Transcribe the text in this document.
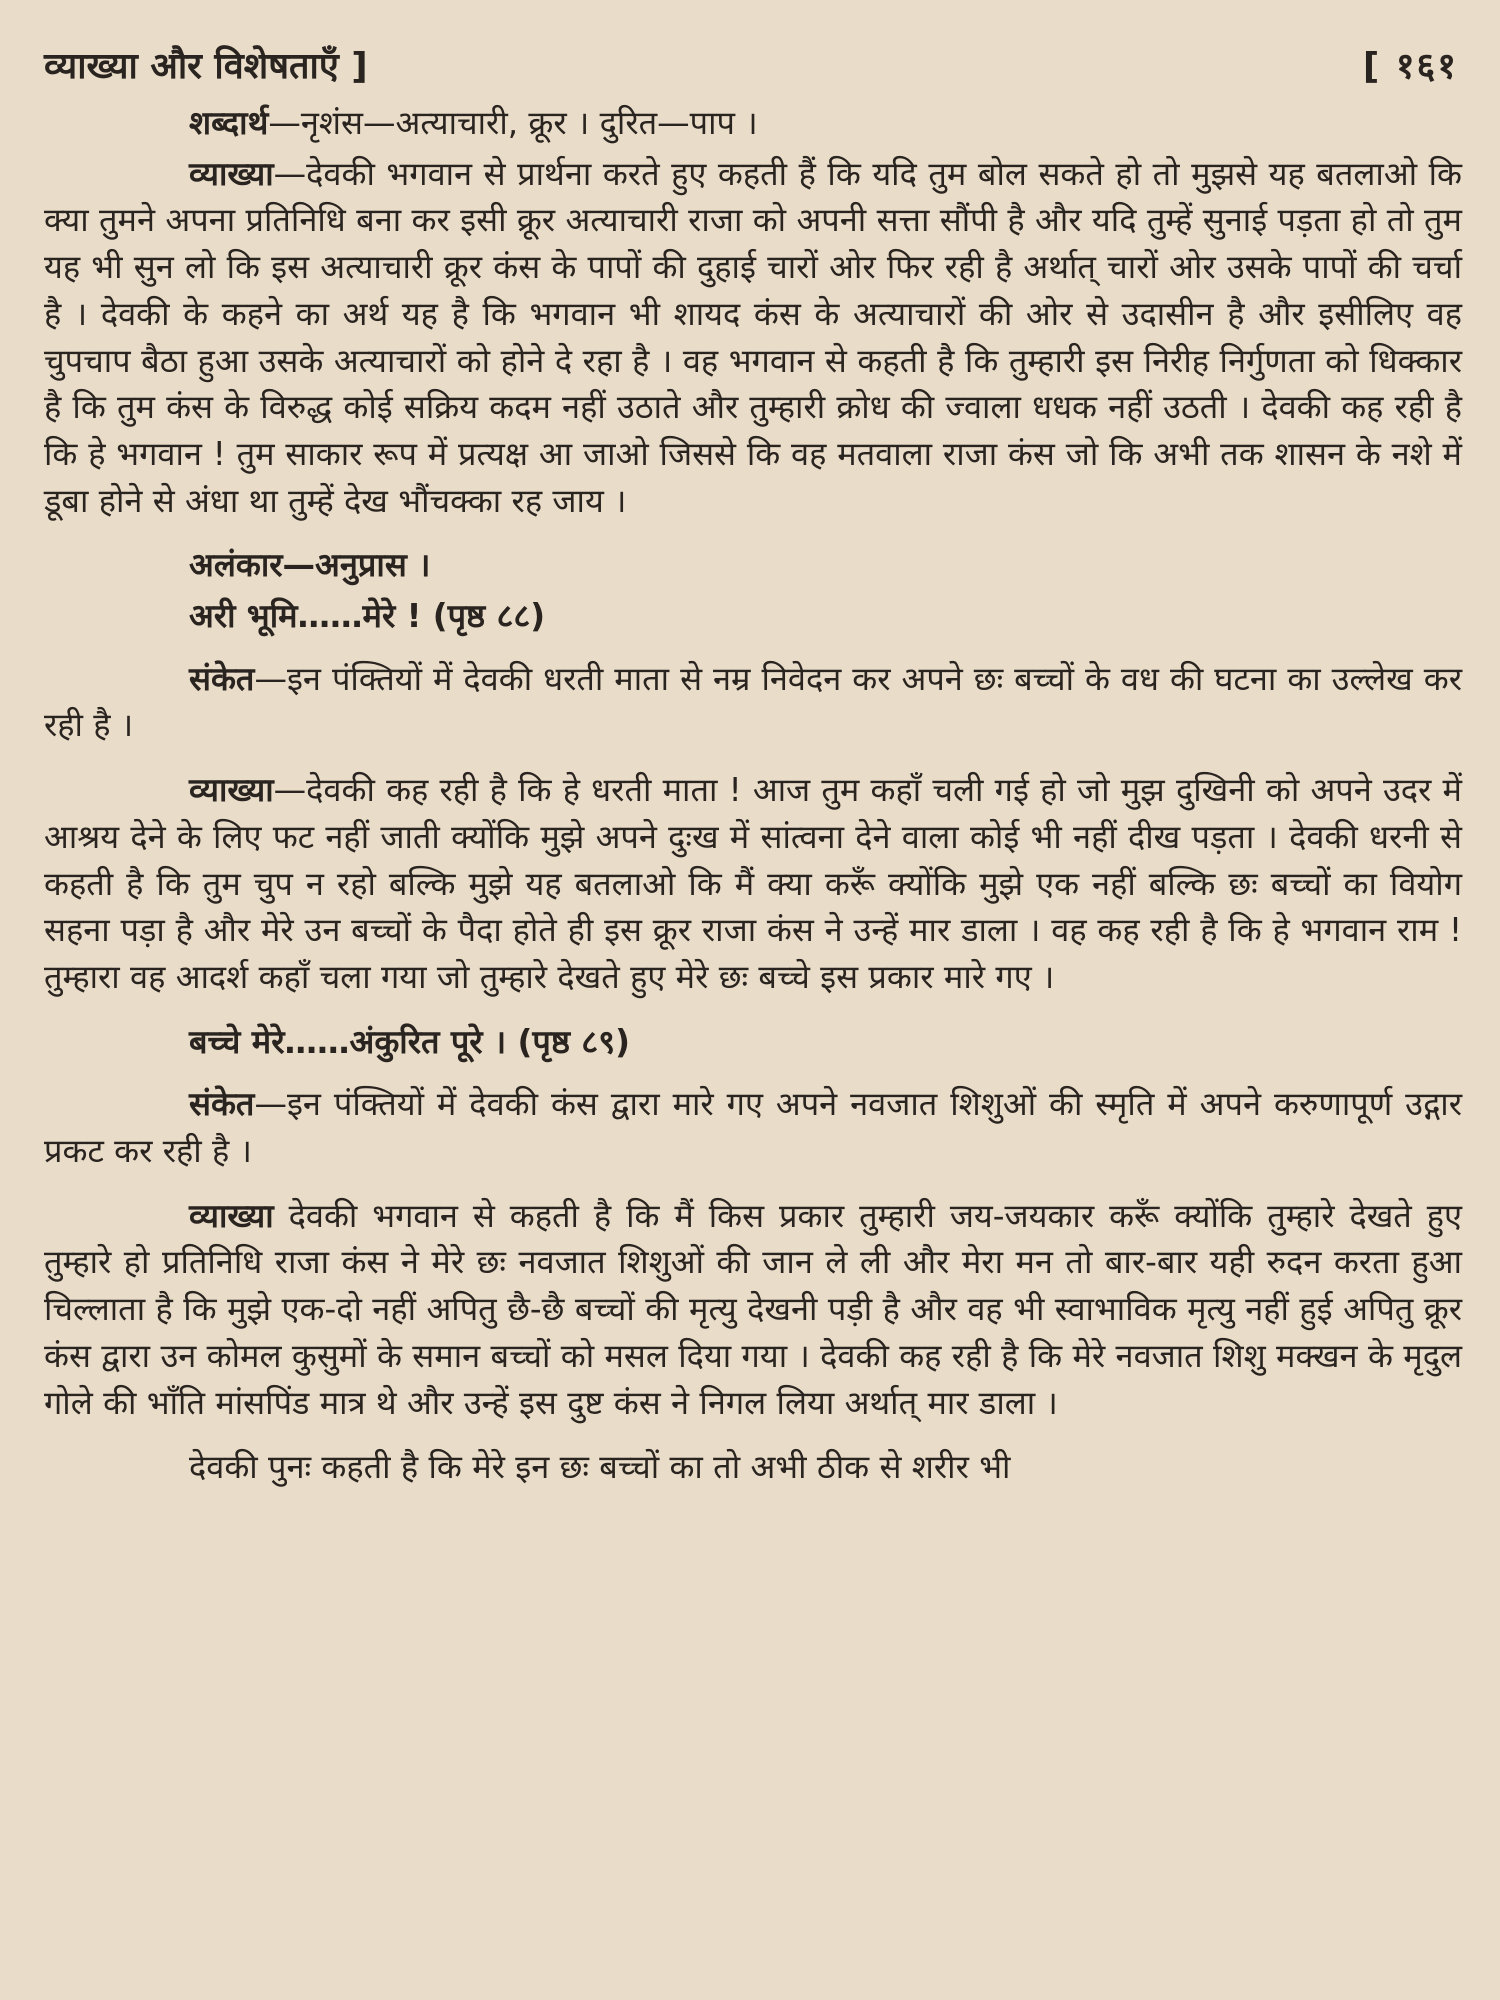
व्याख्या और विशेषताएँ ]	[ १६१

शब्दार्थ—नृशंस—अत्याचारी, क्रूर । दुरित—पाप ।

व्याख्या—देवकी भगवान से प्रार्थना करते हुए कहती हैं कि यदि तुम बोल सकते हो तो मुझसे यह बतलाओ कि क्या तुमने अपना प्रतिनिधि बना कर इसी क्रूर अत्याचारी राजा को अपनी सत्ता सौंपी है और यदि तुम्हें सुनाई पड़ता हो तो तुम यह भी सुन लो कि इस अत्याचारी क्रूर कंस के पापों की दुहाई चारों ओर फिर रही है अर्थात् चारों ओर उसके पापों की चर्चा है । देवकी के कहने का अर्थ यह है कि भगवान भी शायद कंस के अत्याचारों की ओर से उदासीन है और इसीलिए वह चुपचाप बैठा हुआ उसके अत्याचारों को होने दे रहा है । वह भगवान से कहती है कि तुम्हारी इस निरीह निर्गुणता को धिक्कार है कि तुम कंस के विरुद्ध कोई सक्रिय कदम नहीं उठाते और तुम्हारी क्रोध की ज्वाला धधक नहीं उठती । देवकी कह रही है कि हे भगवान ! तुम साकार रूप में प्रत्यक्ष आ जाओ जिससे कि वह मतवाला राजा कंस जो कि अभी तक शासन के नशे में डूबा होने से अंधा था तुम्हें देख भौंचक्का रह जाय ।

अलंकार—अनुप्रास ।

अरी भूमि……मेरे ! (पृष्ठ ८८)

संकेत—इन पंक्तियों में देवकी धरती माता से नम्र निवेदन कर अपने छः बच्चों के वध की घटना का उल्लेख कर रही है ।

व्याख्या—देवकी कह रही है कि हे धरती माता ! आज तुम कहाँ चली गई हो जो मुझ दुखिनी को अपने उदर में आश्रय देने के लिए फट नहीं जाती क्योंकि मुझे अपने दुःख में सांत्वना देने वाला कोई भी नहीं दीख पड़ता । देवकी धरनी से कहती है कि तुम चुप न रहो बल्कि मुझे यह बतलाओ कि मैं क्या करूँ क्योंकि मुझे एक नहीं बल्कि छः बच्चों का वियोग सहना पड़ा है और मेरे उन बच्चों के पैदा होते ही इस क्रूर राजा कंस ने उन्हें मार डाला । वह कह रही है कि हे भगवान राम ! तुम्हारा वह आदर्श कहाँ चला गया जो तुम्हारे देखते हुए मेरे छः बच्चे इस प्रकार मारे गए ।

बच्चे मेरे……अंकुरित पूरे । (पृष्ठ ८९)

संकेत—इन पंक्तियों में देवकी कंस द्वारा मारे गए अपने नवजात शिशुओं की स्मृति में अपने करुणापूर्ण उद्गार प्रकट कर रही है ।

व्याख्या देवकी भगवान से कहती है कि मैं किस प्रकार तुम्हारी जय-जयकार करूँ क्योंकि तुम्हारे देखते हुए तुम्हारे हो प्रतिनिधि राजा कंस ने मेरे छः नवजात शिशुओं की जान ले ली और मेरा मन तो बार-बार यही रुदन करता हुआ चिल्लाता है कि मुझे एक-दो नहीं अपितु छै-छै बच्चों की मृत्यु देखनी पड़ी है और वह भी स्वाभाविक मृत्यु नहीं हुई अपितु क्रूर कंस द्वारा उन कोमल कुसुमों के समान बच्चों को मसल दिया गया । देवकी कह रही है कि मेरे नवजात शिशु मक्खन के मृदुल गोले की भाँति मांसपिंड मात्र थे और उन्हें इस दुष्ट कंस ने निगल लिया अर्थात् मार डाला ।

देवकी पुनः कहती है कि मेरे इन छः बच्चों का तो अभी ठीक से शरीर भी
